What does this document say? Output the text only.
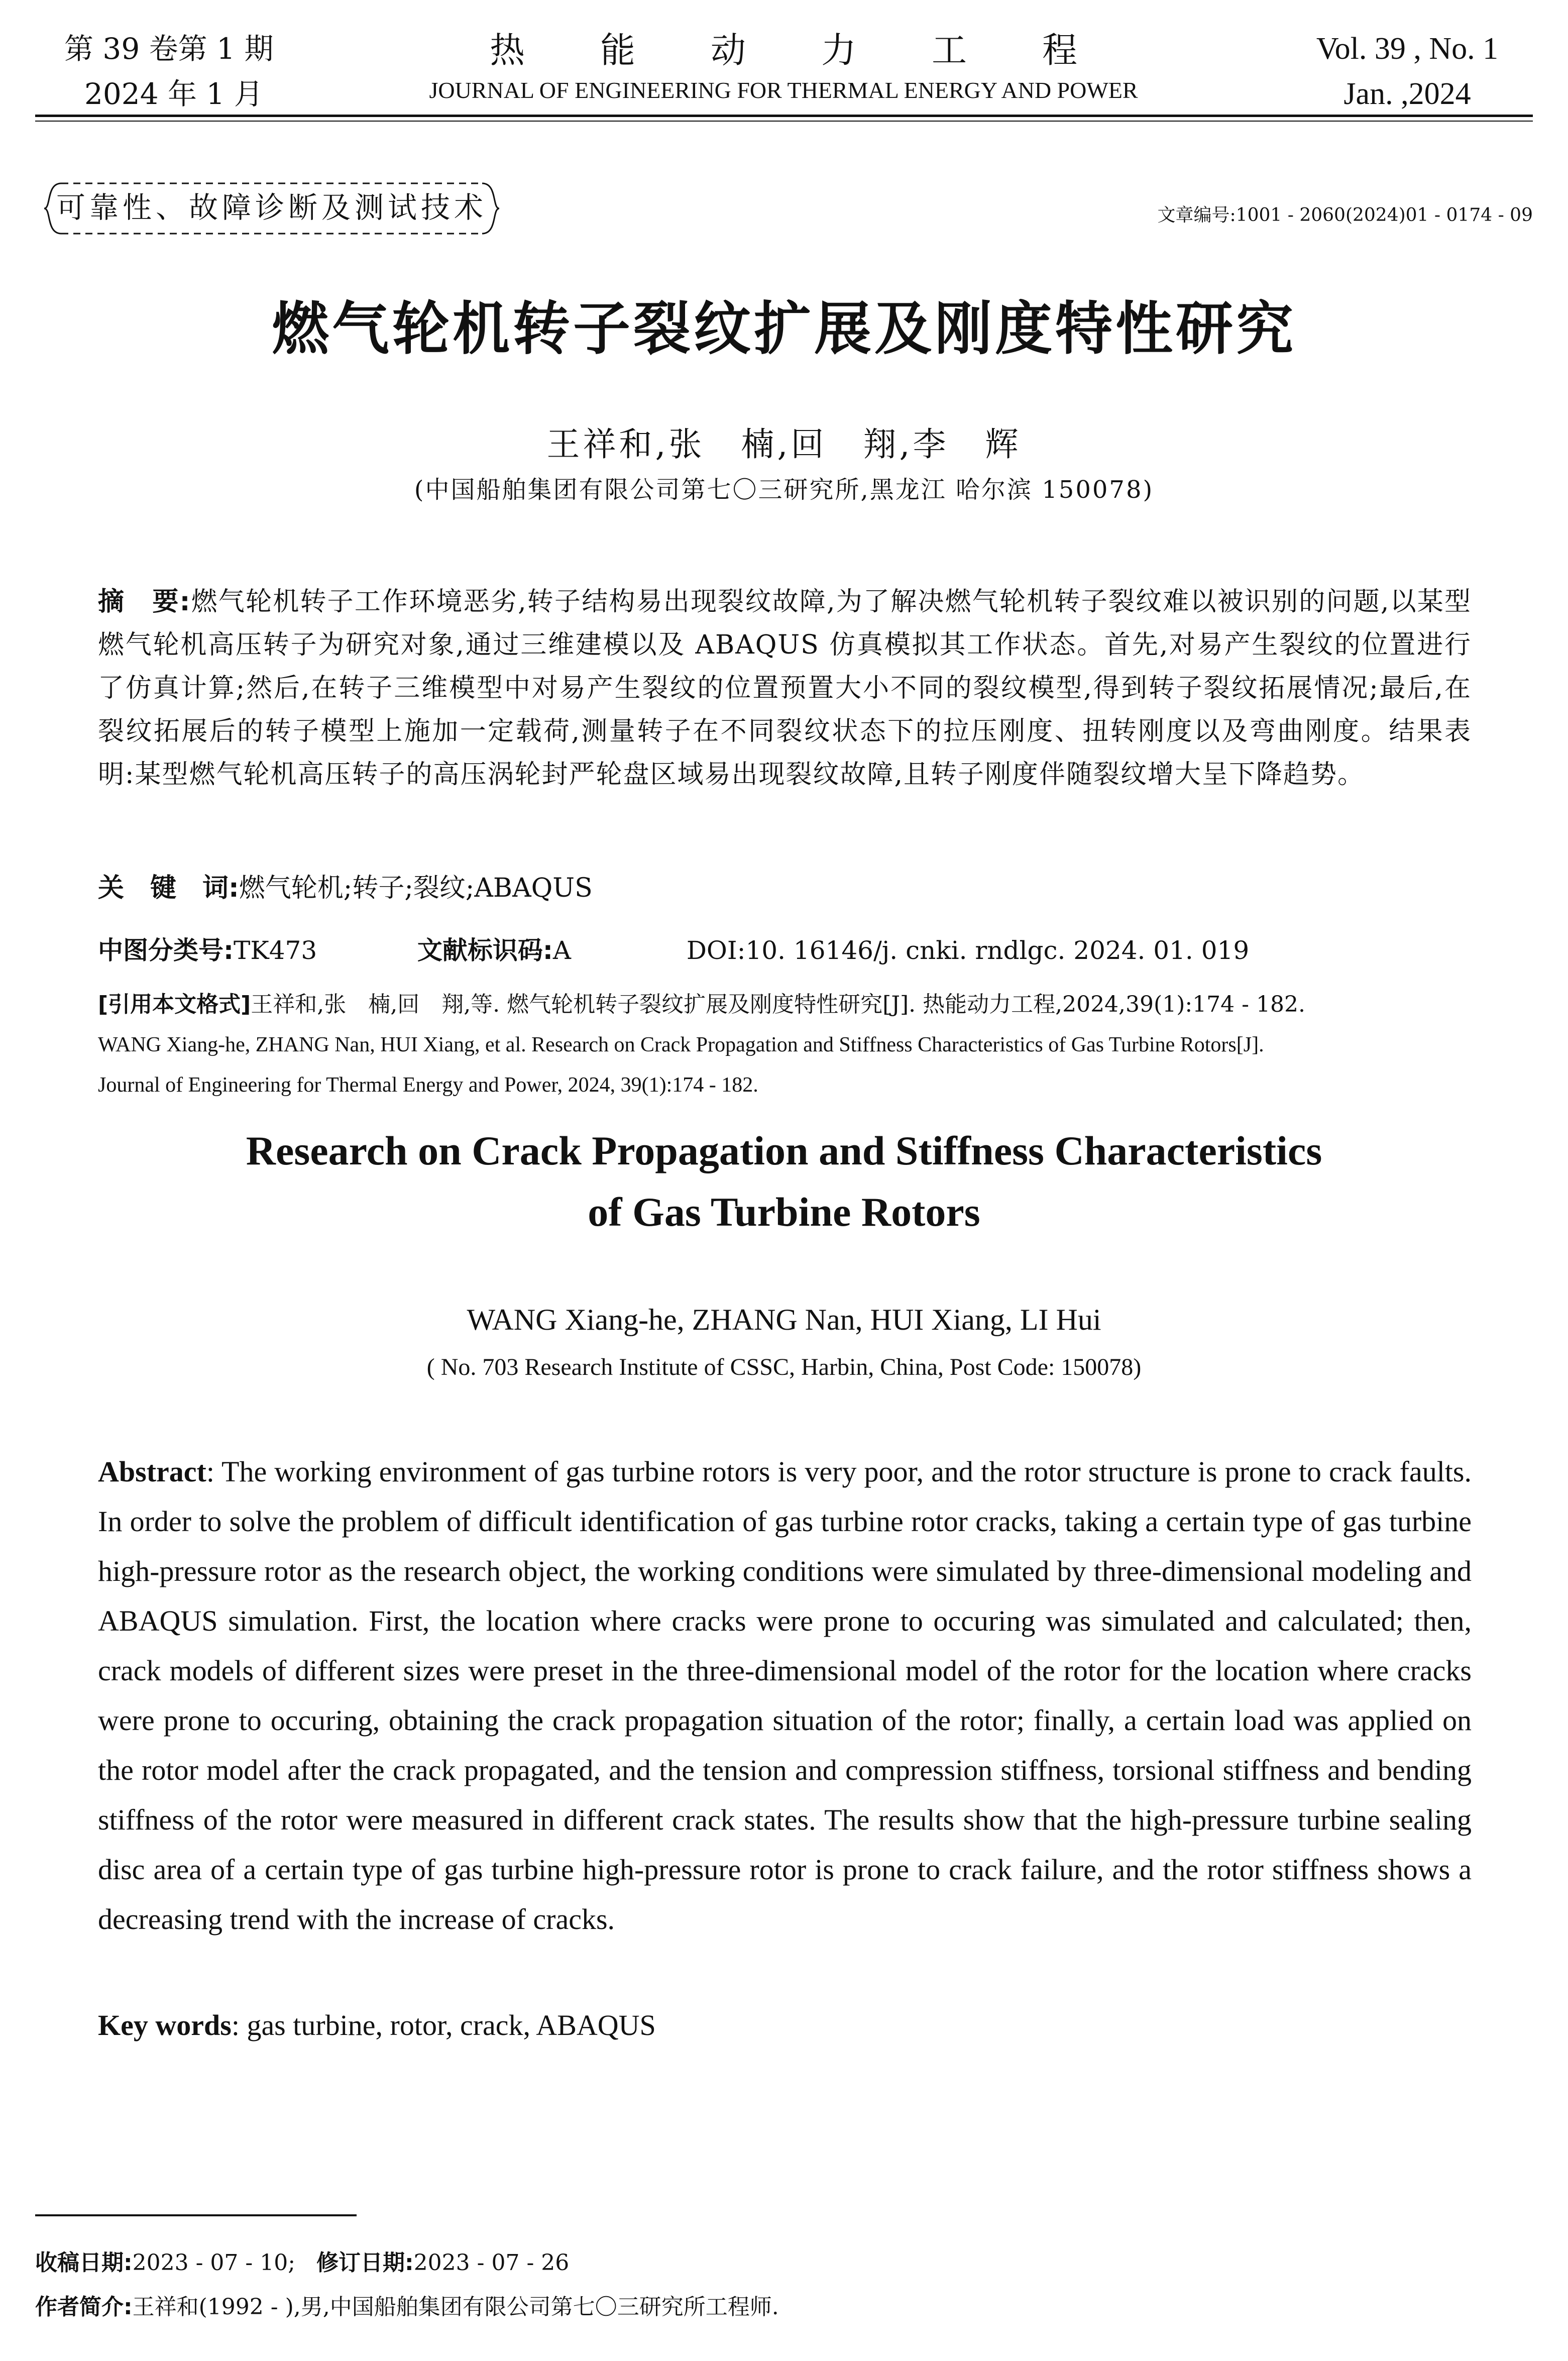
第 39 卷第 1 期
2024 年 1 月
热能动力工程
JOURNAL OF ENGINEERING FOR THERMAL ENERGY AND POWER
Vol. 39 , No. 1
Jan. ,2024
可靠性、故障诊断及测试技术	文章编号:1001 - 2060(2024)01 - 0174 - 09
燃气轮机转子裂纹扩展及刚度特性研究
王祥和,张　楠,回　翔,李　辉
(中国船舶集团有限公司第七〇三研究所,黑龙江 哈尔滨 150078)
摘　要:燃气轮机转子工作环境恶劣,转子结构易出现裂纹故障,为了解决燃气轮机转子裂纹难以被识别的问题,以某型燃气轮机高压转子为研究对象,通过三维建模以及 ABAQUS 仿真模拟其工作状态。首先,对易产生裂纹的位置进行了仿真计算;然后,在转子三维模型中对易产生裂纹的位置预置大小不同的裂纹模型,得到转子裂纹拓展情况;最后,在裂纹拓展后的转子模型上施加一定载荷,测量转子在不同裂纹状态下的拉压刚度、扭转刚度以及弯曲刚度。结果表明:某型燃气轮机高压转子的高压涡轮封严轮盘区域易出现裂纹故障,且转子刚度伴随裂纹增大呈下降趋势。
关　键　词:燃气轮机;转子;裂纹;ABAQUS
中图分类号:TK473	文献标识码:A	DOI:10. 16146/j. cnki. rndlgc. 2024. 01. 019
[引用本文格式]王祥和,张　楠,回　翔,等. 燃气轮机转子裂纹扩展及刚度特性研究[J]. 热能动力工程,2024,39(1):174 - 182.
WANG Xiang-he, ZHANG Nan, HUI Xiang, et al. Research on Crack Propagation and Stiffness Characteristics of Gas Turbine Rotors[J].
Journal of Engineering for Thermal Energy and Power, 2024, 39(1):174 - 182.
Research on Crack Propagation and Stiffness Characteristics
of Gas Turbine Rotors
WANG Xiang-he, ZHANG Nan, HUI Xiang, LI Hui
( No. 703 Research Institute of CSSC, Harbin, China, Post Code: 150078)
Abstract: The working environment of gas turbine rotors is very poor, and the rotor structure is prone to crack faults. In order to solve the problem of difficult identification of gas turbine rotor cracks, taking a certain type of gas turbine high-pressure rotor as the research object, the working conditions were simulated by three-dimensional modeling and ABAQUS simulation. First, the location where cracks were prone to occuring was simulated and calculated; then, crack models of different sizes were preset in the three-dimensional model of the rotor for the location where cracks were prone to occuring, obtaining the crack propagation situation of the rotor; finally, a certain load was applied on the rotor model after the crack propagated, and the tension and compression stiffness, torsional stiffness and bending stiffness of the rotor were measured in different crack states. The results show that the high-pressure turbine sealing disc area of a certain type of gas turbine high-pressure rotor is prone to crack failure, and the rotor stiffness shows a decreasing trend with the increase of cracks.
Key words: gas turbine, rotor, crack, ABAQUS
收稿日期:2023 - 07 - 10; 修订日期:2023 - 07 - 26
作者简介:王祥和(1992 - ),男,中国船舶集团有限公司第七〇三研究所工程师.
